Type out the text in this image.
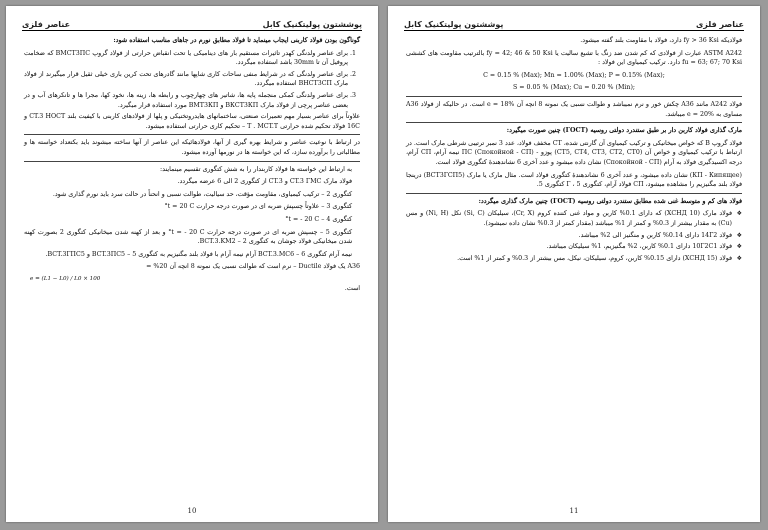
عناصر فلزی	پوششتون پولیتکنیک کابل

گوناگون بودن فولاد کاربنی ایجاب مینماید تا فولاد مطابق نورم در جاهای مناسب استفاده شود:

1. برای عناصر ولدنگی کهدر تاثیرات مستقیم بار های دینامیکی یا تحت انقباض حرارتی از فولاد گروپ BMCT3ПС که ضخامت پروفیل آن تا 30mm باشد استفاده میگردد.
2. برای عناصر ولدنگی که در شرایط منفی ساحات کاری شاپها مانند گادرهای تحت کرین باری خیلی ثقیل قرار میگیرند از فولاد مارک ВНСТ3СП استفاده میگردد.
3. برای عناصر ولدنگی کمکی منجمله پایه ها، شاتیر های چهارچوب و رابطه ها، زینه ها، نخود کها، مجرا ها و تانکرهای آب و در بعضی عناصر پرچی از فولاد مارک ВКСТ3КП و ВМТ3КП مورد استفاده قرار میگیرد.

علاوتاً برای عناصر بسیار مهم تعمیرات صنعتی، ساختمانهای هایدروتخنیکی و پلها از فولادهای کاربنی با کیفیت بلند CT.3 HOCT و 16C فولاد تحکیم شده حرارتی T . MCT.T – تحکیم کاری حرارتی استفاده میشود.

در ارتباط با نوعیت عناصر و شرایط بهره گیری از آنها، فولادهائیکه این عناصر از آنها ساخته میشوند باید بکتعداد خواسته ها و مطالباتی را برآورده سازد، که این خواسته ها در نورمها آورده میشود.

به ارتباط این خواسته ها فولاد کاربندار را به شش کتگوری تقسیم مینمایند:

فولاد مارک CT.3 ГМС و CT.3 از کتگوری 2 الی 6 عرضه میگردد.

کتگوری 2 – ترکیب کیمیاوی، مقاومت مؤقت، حد سیالیت، طوالت نسبی و انحناً در حالت سرد باید نورم گذاری شود.

کتگوری 3 – علاوتاً چسپش ضربه ای در صورت درجه حرارت t = 20 C°

کتگوری 4 – t = - 20 C°

کتگوری 5 – چسپش ضربه ای در صورت درجه حرارت t = - 20 C° و بعد از کهنه شدن میخانیکی کتگوری 2 بصورت کهنه شدن میخانیکی فولاد جوشان به کتگوری 2 – BCT.3.KM2.

نیمه آرام کتگوری 6 – BCT.3.MC6 آرام نیمه آرام با فولاد بلند مگنیزیم به کتگوری 5 – BCT.3ПС5 و BCT.3ГПС5.

A36 یک فولاد Ductile – نرم است که طوالت نسبی یک نمونه 8 انچه آن 20% =

e = (L1 − L0) / L0 × 100

است.

10
پوششتون پولیتکنیک کابل	عناصر فلزی

فولادیکه fy > 36 Ksi دارد، فولاد با مقاومت بلند گفته میشود.

ASTM A242 عبارت از فولادی که کم شدن ضد زنگ با تشیع سالیت یا fy = 42; 46 & 50 Ksi بالترتیب مقاومت های کششی fu = 63; 67; 70 Ksi دارد. ترکیب کیمیاوی این فولاد :

C = 0.15 % (Max); Mn = 1.00% (Max); P = 0.15% (Max);

S = 0.05 % (Max); Cu = 0.20 % (Min);

فولاد A242 مانند A36 چکش خور و نرم نمیباشد و طوالت نسبی یک نمونه 8 انچه آن e = 18% است. در حالیکه از فولاد A36 مساوی به e = 20% میباشد.

مارک گذاری فولاد کاربن دار بر طبق ستندرد دولتی روسیه (ГОСТ) چنین صورت میگیرد:

فولاد گروپ B که خواص میخانیکی و ترکیب کیمیاوی آن گارنتی شده، CT مخفف فولاد، عدد 3 نمبر ترتیبی شرطی مارک است. در ارتباط با ترکیب کیمیاوی و خواص آن (CT5, CT4, CT3, CT2, CT0) پوزو - ПС (Спокойной - СП) نیمه آرام، СП آرام، درجه اکسیدگیری فولاد به آرام (Спокойной - СП) نشان داده میشود و عدد آخری 6 نشاندهندهٔ کتگوری فولاد است.

(КП - Кипящее) نشان داده میشود، و عدد آخری 6 نشاندهندهٔ کتگوری فولاد است. مثال مارک یا مارک (ВСТ3ГСП5) درینجا فولاد بلند مگنیزیم را مشاهده میشود، СП فولاد آرام، کتگوری 5 ، Г کتگوری 5.

فولاد های کم و متوسط غنی شده مطابق ستندرد دولتی روسیه (ГОСТ) چنین مارک گذاری میگردد:

❖ فولاد مارک (10 ХСНД) که دارای 0.1% کاربن و مواد غنی کننده کروم (Cr, X)، سیلیکان (Si, C) نکل (Ni, H) و مس (Cu) به مقدار بیشتر از 0.3% و کمتر از 1% میباشد (مقدار کمتر از 0.3% نشان داده نمیشود).
❖ فولاد 14Г2 دارای 0.14% کاربن و منگنیز الی 2% میباشد.
❖ فولاد 10Г2С1 دارای 0.1% کاربن، 2% مگنیزیم، 1% سیلیکان میباشد.
❖ فولاد (15 ХСНД) دارای 0.15% کاربن، کروم، سیلیکان، نیکل، مس بیشتر از 0.3% و کمتر از 1% است.
11
